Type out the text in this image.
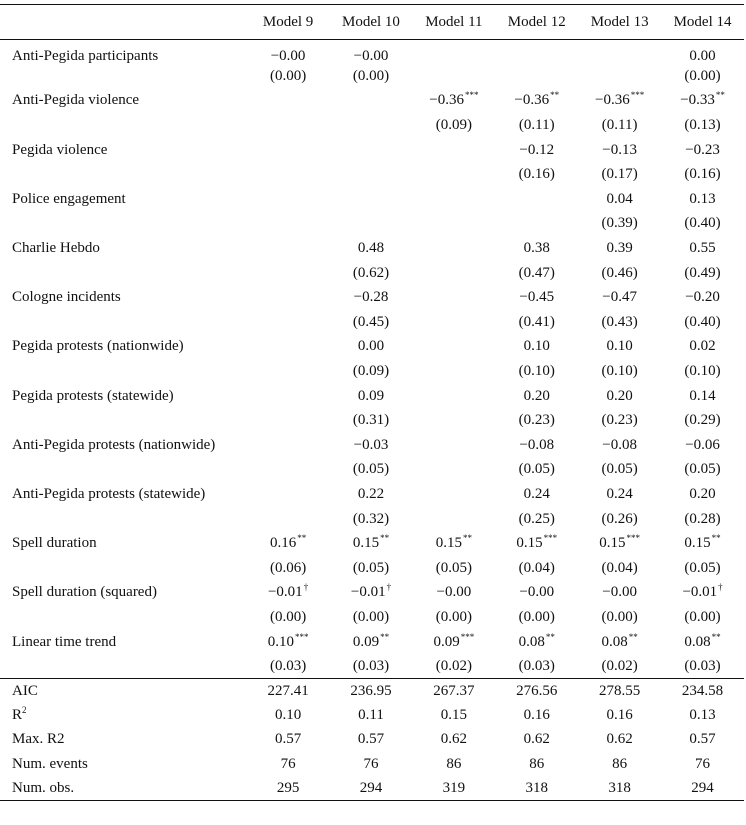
	Model 9	Model 10	Model 11	Model 12	Model 13	Model 14
Anti-Pegida participants	−0.00	−0.00				0.00
	(0.00)	(0.00)				(0.00)
Anti-Pegida violence			−0.36***	−0.36**	−0.36***	−0.33**
			(0.09)	(0.11)	(0.11)	(0.13)
Pegida violence				−0.12	−0.13	−0.23
				(0.16)	(0.17)	(0.16)
Police engagement					0.04	0.13
					(0.39)	(0.40)
Charlie Hebdo		0.48		0.38	0.39	0.55
		(0.62)		(0.47)	(0.46)	(0.49)
Cologne incidents		−0.28		−0.45	−0.47	−0.20
		(0.45)		(0.41)	(0.43)	(0.40)
Pegida protests (nationwide)		0.00		0.10	0.10	0.02
		(0.09)		(0.10)	(0.10)	(0.10)
Pegida protests (statewide)		0.09		0.20	0.20	0.14
		(0.31)		(0.23)	(0.23)	(0.29)
Anti-Pegida protests (nationwide)		−0.03		−0.08	−0.08	−0.06
		(0.05)		(0.05)	(0.05)	(0.05)
Anti-Pegida protests (statewide)		0.22		0.24	0.24	0.20
		(0.32)		(0.25)	(0.26)	(0.28)
Spell duration	0.16**	0.15**	0.15**	0.15***	0.15***	0.15**
	(0.06)	(0.05)	(0.05)	(0.04)	(0.04)	(0.05)
Spell duration (squared)	−0.01†	−0.01†	−0.00	−0.00	−0.00	−0.01†
	(0.00)	(0.00)	(0.00)	(0.00)	(0.00)	(0.00)
Linear time trend	0.10***	0.09**	0.09***	0.08**	0.08**	0.08**
	(0.03)	(0.03)	(0.02)	(0.03)	(0.02)	(0.03)
AIC	227.41	236.95	267.37	276.56	278.55	234.58
$R^2$	0.10	0.11	0.15	0.16	0.16	0.13
Max. R2	0.57	0.57	0.62	0.62	0.62	0.57
Num. events	76	76	86	86	86	76
Num. obs.	295	294	319	318	318	294
